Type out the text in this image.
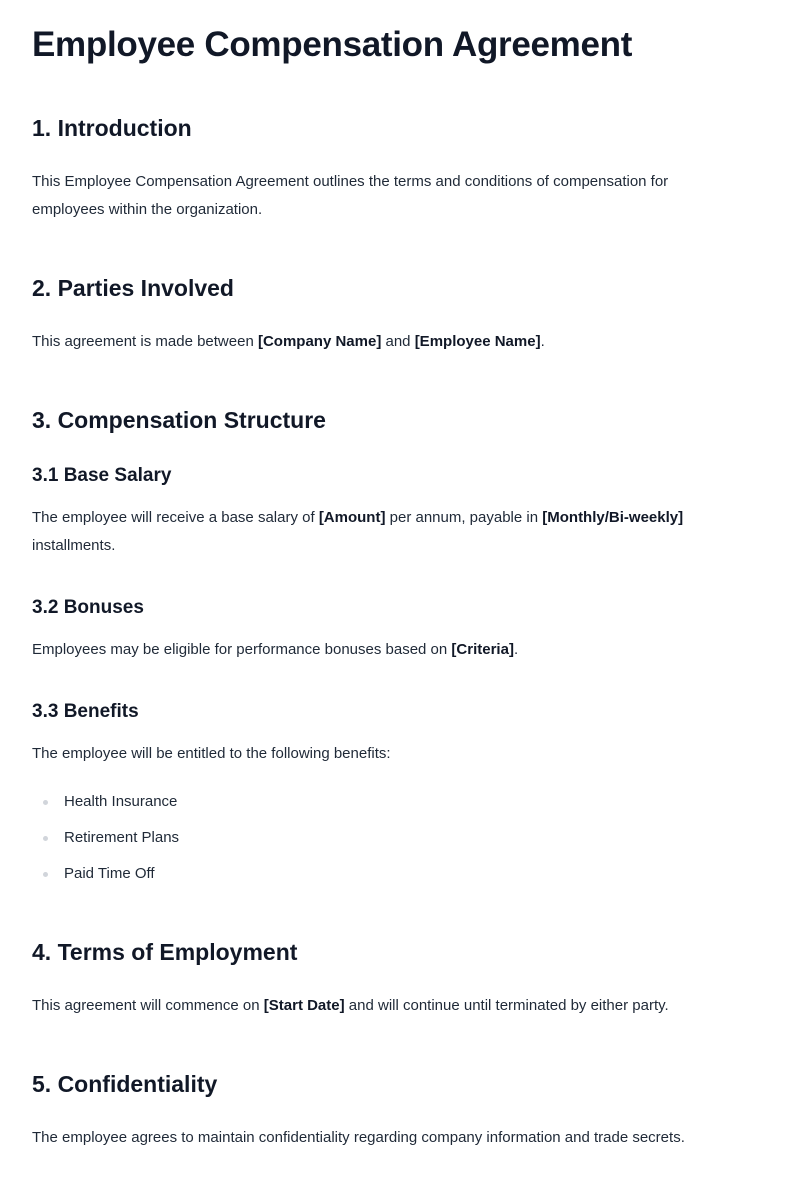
Employee Compensation Agreement
1. Introduction

This Employee Compensation Agreement outlines the terms and conditions of compensation for employees within the organization.

2. Parties Involved

This agreement is made between [Company Name] and [Employee Name].

3. Compensation Structure
3.1 Base Salary

The employee will receive a base salary of [Amount] per annum, payable in [Monthly/Bi-weekly] installments.

3.2 Bonuses

Employees may be eligible for performance bonuses based on [Criteria].

3.3 Benefits

The employee will be entitled to the following benefits:

Health Insurance
Retirement Plans
Paid Time Off
4. Terms of Employment

This agreement will commence on [Start Date] and will continue until terminated by either party.

5. Confidentiality

The employee agrees to maintain confidentiality regarding company information and trade secrets.
